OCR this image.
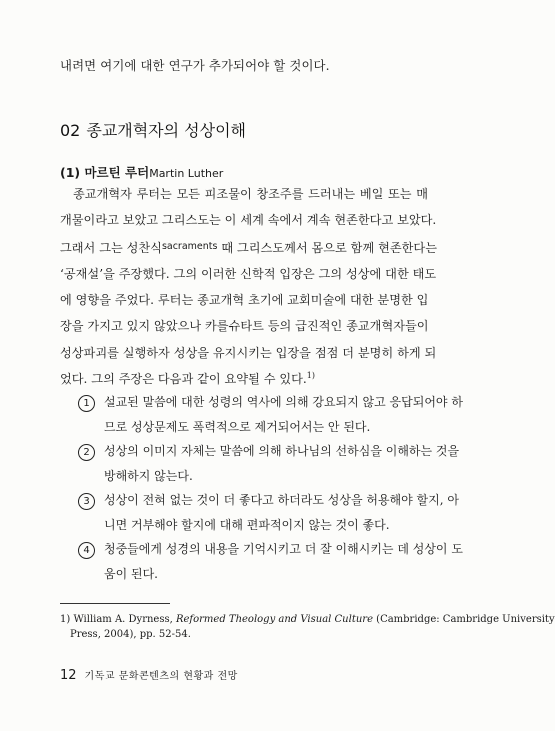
내려면 여기에 대한 연구가 추가되어야 할 것이다.
02 종교개혁자의 성상이해
(1) 마르틴 루터Martin Luther
종교개혁자 루터는 모든 피조물이 창조주를 드러내는 베일 또는 매
개물이라고 보았고 그리스도는 이 세계 속에서 계속 현존한다고 보았다.
그래서 그는 성찬식$^{sacraments}$ 때 그리스도께서 몸으로 함께 현존한다는
‘공재설’을 주장했다. 그의 이러한 신학적 입장은 그의 성상에 대한 태도
에 영향을 주었다. 루터는 종교개혁 초기에 교회미술에 대한 분명한 입
장을 가지고 있지 않았으나 카를슈타트 등의 급진적인 종교개혁자들이
성상파괴를 실행하자 성상을 유지시키는 입장을 점점 더 분명히 하게 되
었다. 그의 주장은 다음과 같이 요약될 수 있다.$^{1)}$
1	설교된 말씀에 대한 성령의 역사에 의해 강요되지 않고 응답되어야 하
므로 성상문제도 폭력적으로 제거되어서는 안 된다.
2	성상의 이미지 자체는 말씀에 의해 하나님의 선하심을 이해하는 것을
방해하지 않는다.
3	성상이 전혀 없는 것이 더 좋다고 하더라도 성상을 허용해야 할지, 아
니면 거부해야 할지에 대해 편파적이지 않는 것이 좋다.
4	청중들에게 성경의 내용을 기억시키고 더 잘 이해시키는 데 성상이 도
움이 된다.
1) William A. Dyrness, Reformed Theology and Visual Culture (Cambridge: Cambridge University
Press, 2004), pp. 52-54.
12 기독교 문화콘텐츠의 현황과 전망
